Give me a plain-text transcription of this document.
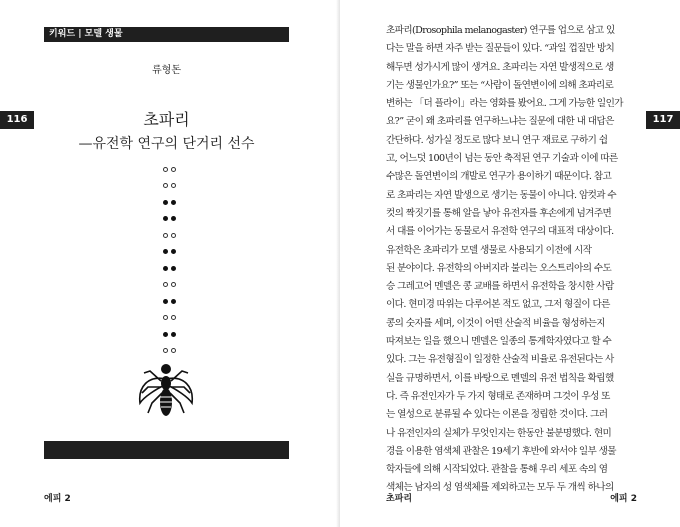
키워드 | 모델 생물
류형돈
116	초파리
—유전학 연구의 단거리 선수
에피 2

초파리(Drosophila melanogaster) 연구를 업으로 삼고 있

다는 말을 하면 자주 받는 질문들이 있다. “과일 껍질만 방치

해두면 성가시게 많이 생겨요. 초파리는 자연 발생적으로 생

기는 생물인가요?” 또는 “사람이 돌연변이에 의해 초파리로

변하는 「더 플라이」라는 영화를 봤어요. 그게 가능한 일인가

요?” 굳이 왜 초파리를 연구하느냐는 질문에 대한 내 대답은

간단하다. 성가실 정도로 많다 보니 연구 재료로 구하기 쉽

고, 어느덧 100년이 넘는 동안 축적된 연구 기술과 이에 따른

수많은 돌연변이의 개발로 연구가 용이하기 때문이다. 참고

로 초파리는 자연 발생으로 생기는 동물이 아니다. 암컷과 수

컷의 짝짓기를 통해 알을 낳아 유전자를 후손에게 넘겨주면

서 대를 이어가는 동물로서 유전학 연구의 대표적 대상이다.

유전학은 초파리가 모델 생물로 사용되기 이전에 시작

된 분야이다. 유전학의 아버지라 불리는 오스트리아의 수도

승 그레고어 멘델은 콩 교배를 하면서 유전학을 창시한 사람

이다. 현미경 따위는 다루어본 적도 없고, 그저 형질이 다른

콩의 숫자를 세며, 이것이 어떤 산술적 비율을 형성하는지

따져보는 일을 했으니 멘델은 일종의 통계학자였다고 할 수

있다. 그는 유전형질이 일정한 산술적 비율로 유전된다는 사

실을 규명하면서, 이를 바탕으로 멘델의 유전 법칙을 확립했

다. 즉 유전인자가 두 가지 형태로 존재하며 그것이 우성 또

는 열성으로 분류될 수 있다는 이론을 정립한 것이다. 그러

나 유전인자의 실체가 무엇인지는 한동안 불분명했다. 현미

경을 이용한 염색체 관찰은 19세기 후반에 와서야 일부 생물

학자들에 의해 시작되었다. 관찰을 통해 우리 세포 속의 염

색체는 남자의 성 염색체를 제외하고는 모두 두 개씩 하나의

117
초파리	에피 2
